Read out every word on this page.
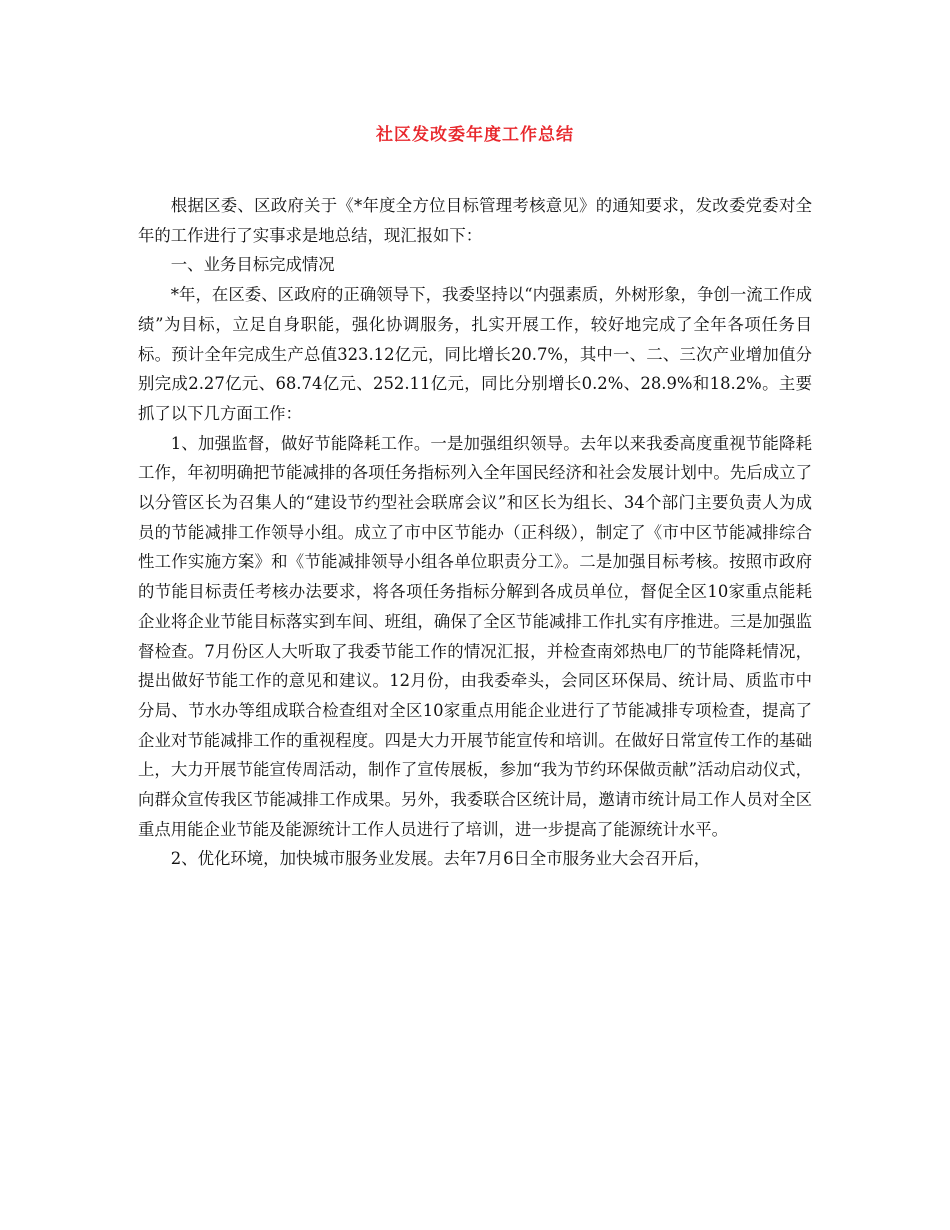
社区发改委年度工作总结

根据区委、区政府关于《*年度全方位目标管理考核意见》的通知要求，发改委党委对全年的工作进行了实事求是地总结，现汇报如下：

一、业务目标完成情况

*年，在区委、区政府的正确领导下，我委坚持以“内强素质，外树形象，争创一流工作成绩”为目标，立足自身职能，强化协调服务，扎实开展工作，较好地完成了全年各项任务目标。预计全年完成生产总值323.12亿元，同比增长20.7%，其中一、二、三次产业增加值分别完成2.27亿元、68.74亿元、252.11亿元，同比分别增长0.2%、28.9%和18.2%。主要抓了以下几方面工作：

1、加强监督，做好节能降耗工作。一是加强组织领导。去年以来我委高度重视节能降耗工作，年初明确把节能减排的各项任务指标列入全年国民经济和社会发展计划中。先后成立了以分管区长为召集人的“建设节约型社会联席会议”和区长为组长、34个部门主要负责人为成员的节能减排工作领导小组。成立了市中区节能办（正科级），制定了《市中区节能减排综合性工作实施方案》和《节能减排领导小组各单位职责分工》。二是加强目标考核。按照市政府的节能目标责任考核办法要求，将各项任务指标分解到各成员单位，督促全区10家重点能耗企业将企业节能目标落实到车间、班组，确保了全区节能减排工作扎实有序推进。三是加强监督检查。7月份区人大听取了我委节能工作的情况汇报，并检查南郊热电厂的节能降耗情况，提出做好节能工作的意见和建议。12月份，由我委牵头，会同区环保局、统计局、质监市中分局、节水办等组成联合检查组对全区10家重点用能企业进行了节能减排专项检查，提高了企业对节能减排工作的重视程度。四是大力开展节能宣传和培训。在做好日常宣传工作的基础上，大力开展节能宣传周活动，制作了宣传展板，参加“我为节约环保做贡献”活动启动仪式，向群众宣传我区节能减排工作成果。另外，我委联合区统计局，邀请市统计局工作人员对全区重点用能企业节能及能源统计工作人员进行了培训，进一步提高了能源统计水平。

2、优化环境，加快城市服务业发展。去年7月6日全市服务业大会召开后，
